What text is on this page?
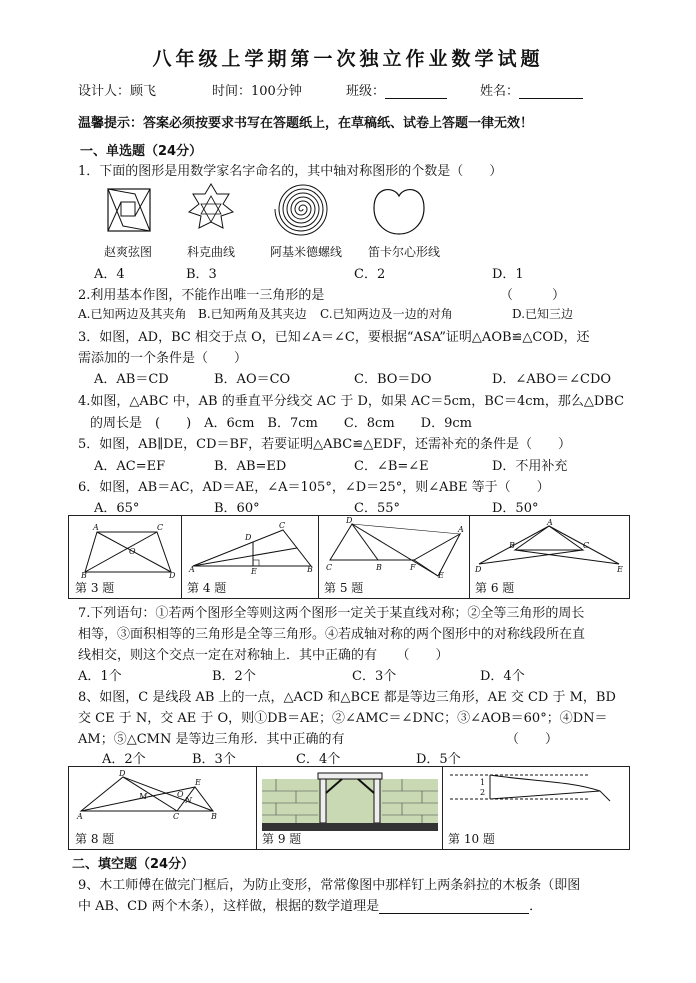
八年级上学期第一次独立作业数学试题
设计人：顾飞	时间：100分钟	班级：	姓名：
温馨提示：答案必须按要求书写在答题纸上，在草稿纸、试卷上答题一律无效！
一、单选题（24分）
1．下面的图形是用数学家名字命名的，其中轴对称图形的个数是（　　）
赵爽弦图	科克曲线	阿基米德螺线 笛卡尔心形线
A．4	B．3	C．2	D．1
2.利用基本作图，不能作出唯一三角形的是	（　　　）
A.已知两边及其夹角 B.已知两角及其夹边 C.已知两边及一边的对角	D.已知三边
3．如图，AD，BC 相交于点 O，已知∠A＝∠C，要根据“ASA”证明△AOB≌△COD，还
需添加的一个条件是（　　）
A．AB＝CD	B．AO＝CO	C．BO＝DO	D．∠ABO＝∠CDO
4.如图，△ABC 中，AB 的垂直平分线交 AC 于 D，如果 AC＝5cm，BC＝4cm，那么△DBC
的周长是　(　　)　A．6cm　B．7cm　　C．8cm　　D．9cm
5．如图，AB∥DE，CD＝BF，若要证明△ABC≌△EDF，还需补充的条件是（　　）
A．AC=EF	B．AB=ED	C．∠B=∠E	D．不用补充
6．如图，AB＝AC，AD＝AE，∠A＝105°，∠D＝25°，则∠ABE 等于（　　）
A．65°	B．60°	C．55°	D．50°
A	C
O
B	D
第 3 题
A
C
D
E	B
第 4 题
D
C	B	F
A
E
第 5 题
A
B	C
D	E
第 6 题
7.下列语句：①若两个图形全等则这两个图形一定关于某直线对称；②全等三角形的周长
相等，③面积相等的三角形是全等三角形。④若成轴对称的两个图形中的对称线段所在直
线相交，则这个交点一定在对称轴上．其中正确的有　　（　　）
A．1个	B．2个	C．3个	D．4个
8、如图，C 是线段 AB 上的一点，△ACD 和△BCE 都是等边三角形，AE 交 CD 于 M，BD
交 CE 于 N，交 AE 于 O，则①DB＝AE；②∠AMC＝∠DNC；③∠AOB＝60°；④DN＝
AM；⑤△CMN 是等边三角形．其中正确的有	（　　）
A．2个	B．3个	C．4个	D．5个
D
A	C	B
E
M	O
N
第 8 题	第 9 题
1
2
第 10 题
二、填空题（24分）
9、木工师傅在做完门框后，为防止变形，常常像图中那样钉上两条斜拉的木板条（即图
中 AB、CD 两个木条），这样做，根据的数学道理是	．
